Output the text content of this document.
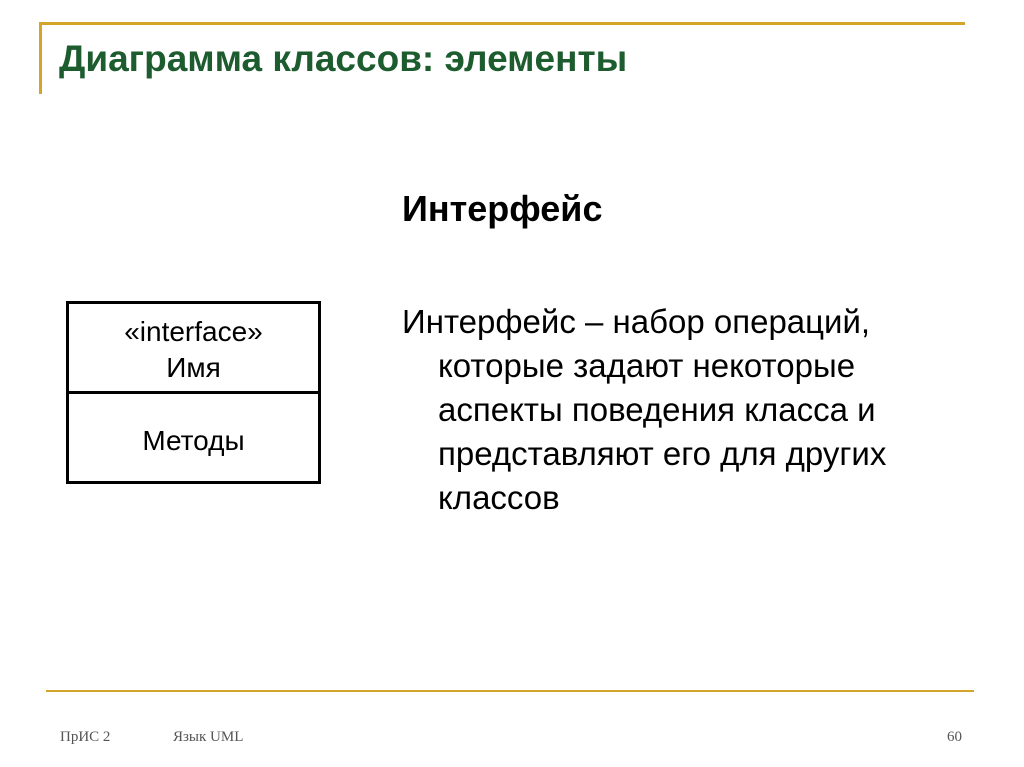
Диаграмма классов: элементы
«interface»
Имя
Методы
Интерфейс

Интерфейс – набор операций,
которые задают некоторые
аспекты поведения класса и
представляют его для других
классов

ПрИС 2	Язык UML	60
